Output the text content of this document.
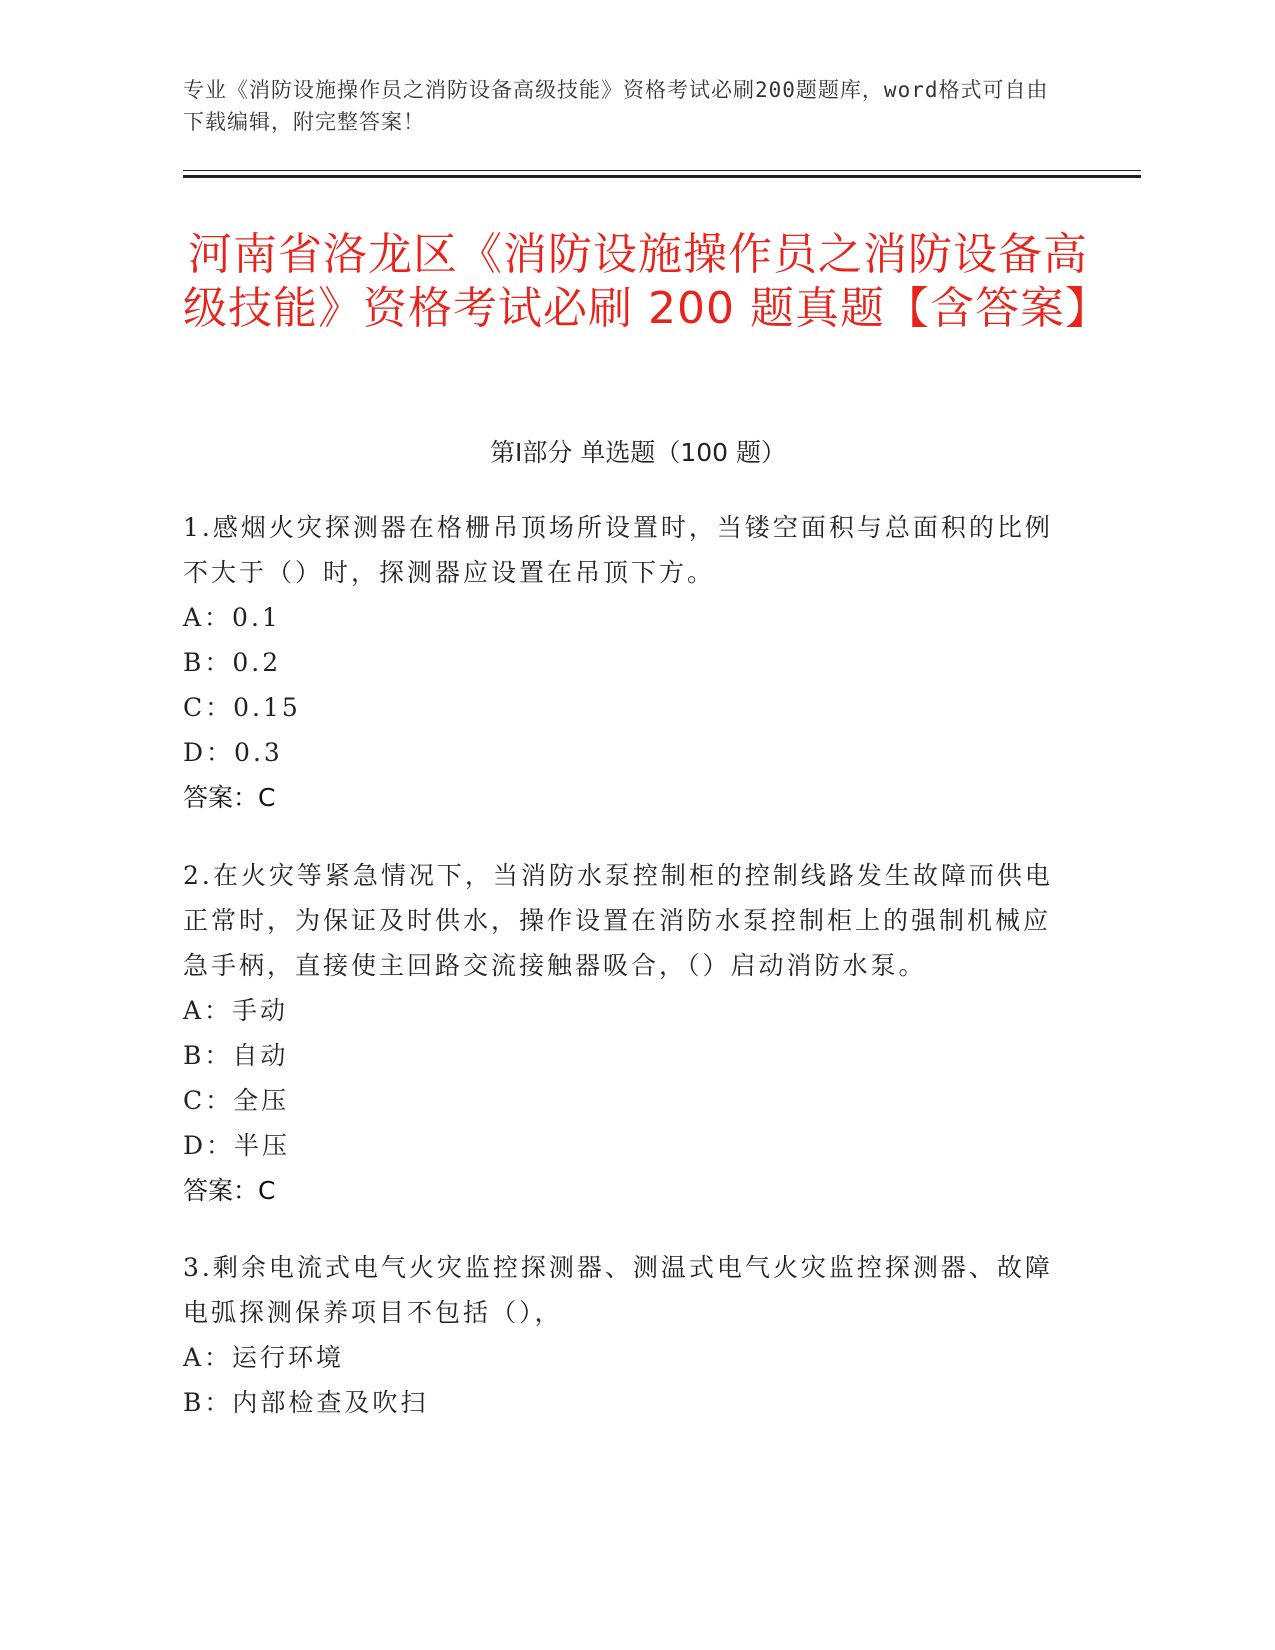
专业《消防设施操作员之消防设备高级技能》资格考试必刷200题题库，word格式可自由下载编辑，附完整答案！
河南省洛龙区《消防设施操作员之消防设备高级技能》资格考试必刷 200 题真题【含答案】
第Ⅰ部分 单选题（100 题）

1.感烟火灾探测器在格栅吊顶场所设置时，当镂空面积与总面积的比例不大于（）时，探测器应设置在吊顶下方。

A：0.1

B：0.2

C：0.15

D：0.3

答案：C

2.在火灾等紧急情况下，当消防水泵控制柜的控制线路发生故障而供电正常时，为保证及时供水，操作设置在消防水泵控制柜上的强制机械应急手柄，直接使主回路交流接触器吸合，（）启动消防水泵。

A：手动

B：自动

C：全压

D：半压

答案：C

3.剩余电流式电气火灾监控探测器、测温式电气火灾监控探测器、故障电弧探测保养项目不包括（），

A：运行环境

B：内部检查及吹扫
